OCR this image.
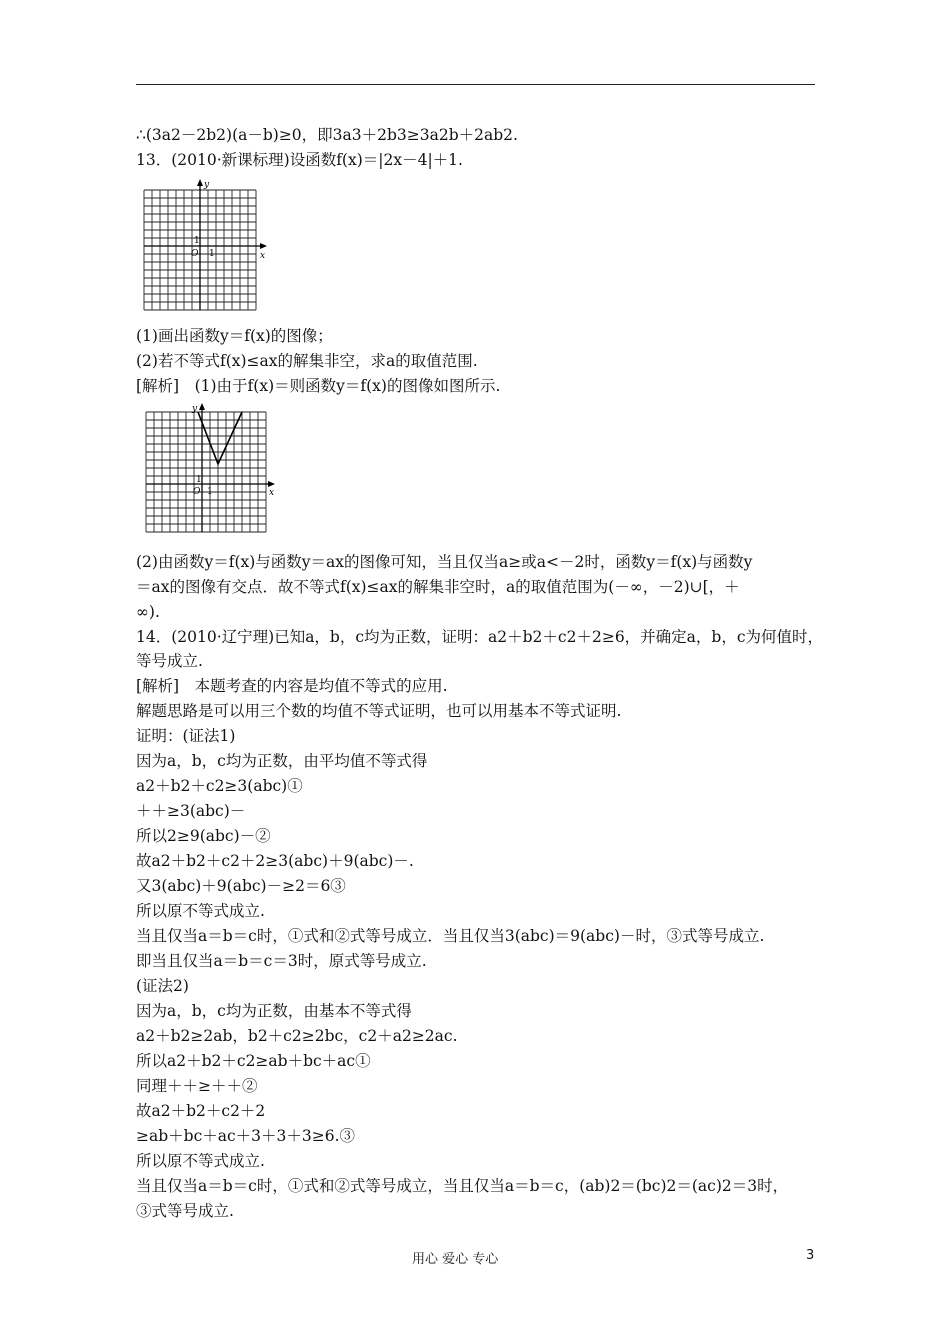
∴(3a2－2b2)(a－b)≥0，即3a3＋2b3≥3a2b＋2ab2.
13．(2010·新课标理)设函数f(x)＝|2x－4|＋1.
x
y
O 1
1
(1)画出函数y＝f(x)的图像；
(2)若不等式f(x)≤ax的解集非空，求a的取值范围.
[解析]　(1)由于f(x)＝则函数y＝f(x)的图像如图所示.
x
y
O 1
1
(2)由函数y＝f(x)与函数y＝ax的图像可知，当且仅当a≥或a<－2时，函数y＝f(x)与函数y
＝ax的图像有交点．故不等式f(x)≤ax的解集非空时，a的取值范围为(－∞，－2)∪[，＋
∞).
14．(2010·辽宁理)已知a，b，c均为正数，证明：a2＋b2＋c2＋2≥6，并确定a，b，c为何值时，
等号成立.
[解析]　本题考查的内容是均值不等式的应用.
解题思路是可以用三个数的均值不等式证明，也可以用基本不等式证明.
证明：(证法1)
因为a，b，c均为正数，由平均值不等式得
a2＋b2＋c2≥3(abc)①
＋＋≥3(abc)－
所以2≥9(abc)－②
故a2＋b2＋c2＋2≥3(abc)＋9(abc)－.
又3(abc)＋9(abc)－≥2＝6③
所以原不等式成立.
当且仅当a＝b＝c时，①式和②式等号成立．当且仅当3(abc)＝9(abc)－时，③式等号成立.
即当且仅当a＝b＝c＝3时，原式等号成立.
(证法2)
因为a，b，c均为正数，由基本不等式得
a2＋b2≥2ab，b2＋c2≥2bc，c2＋a2≥2ac.
所以a2＋b2＋c2≥ab＋bc＋ac①
同理＋＋≥＋＋②
故a2＋b2＋c2＋2
≥ab＋bc＋ac＋3＋3＋3≥6.③
所以原不等式成立.
当且仅当a＝b＝c时，①式和②式等号成立，当且仅当a＝b＝c，(ab)2＝(bc)2＝(ac)2＝3时，
③式等号成立.
用心 爱心 专心	3
